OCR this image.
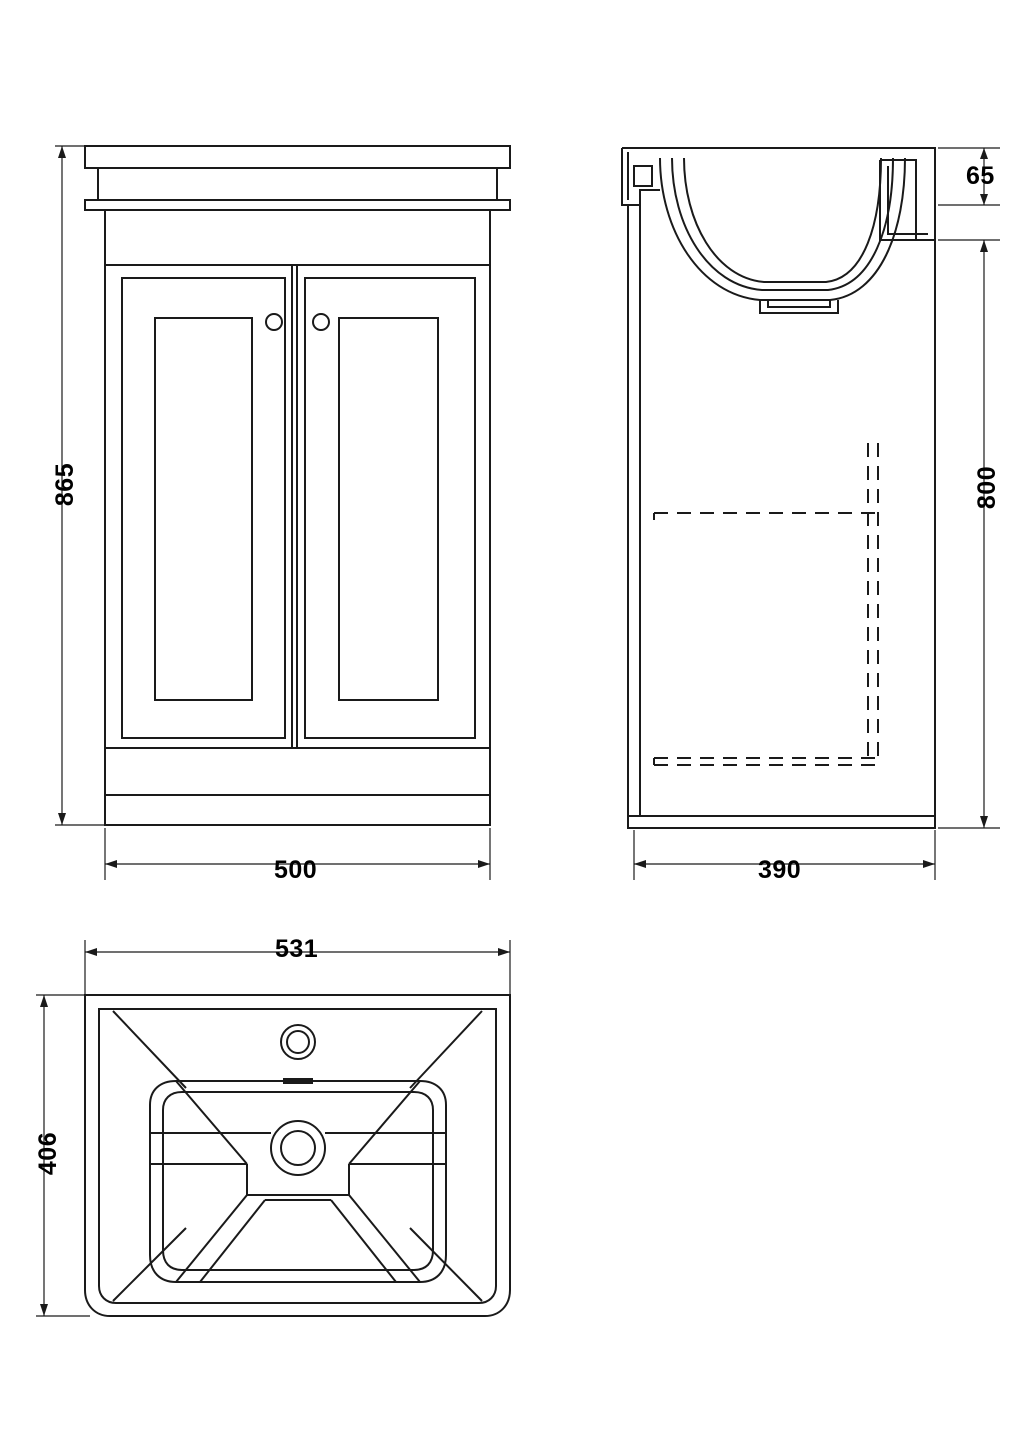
865
500
65
800
390
531
406
